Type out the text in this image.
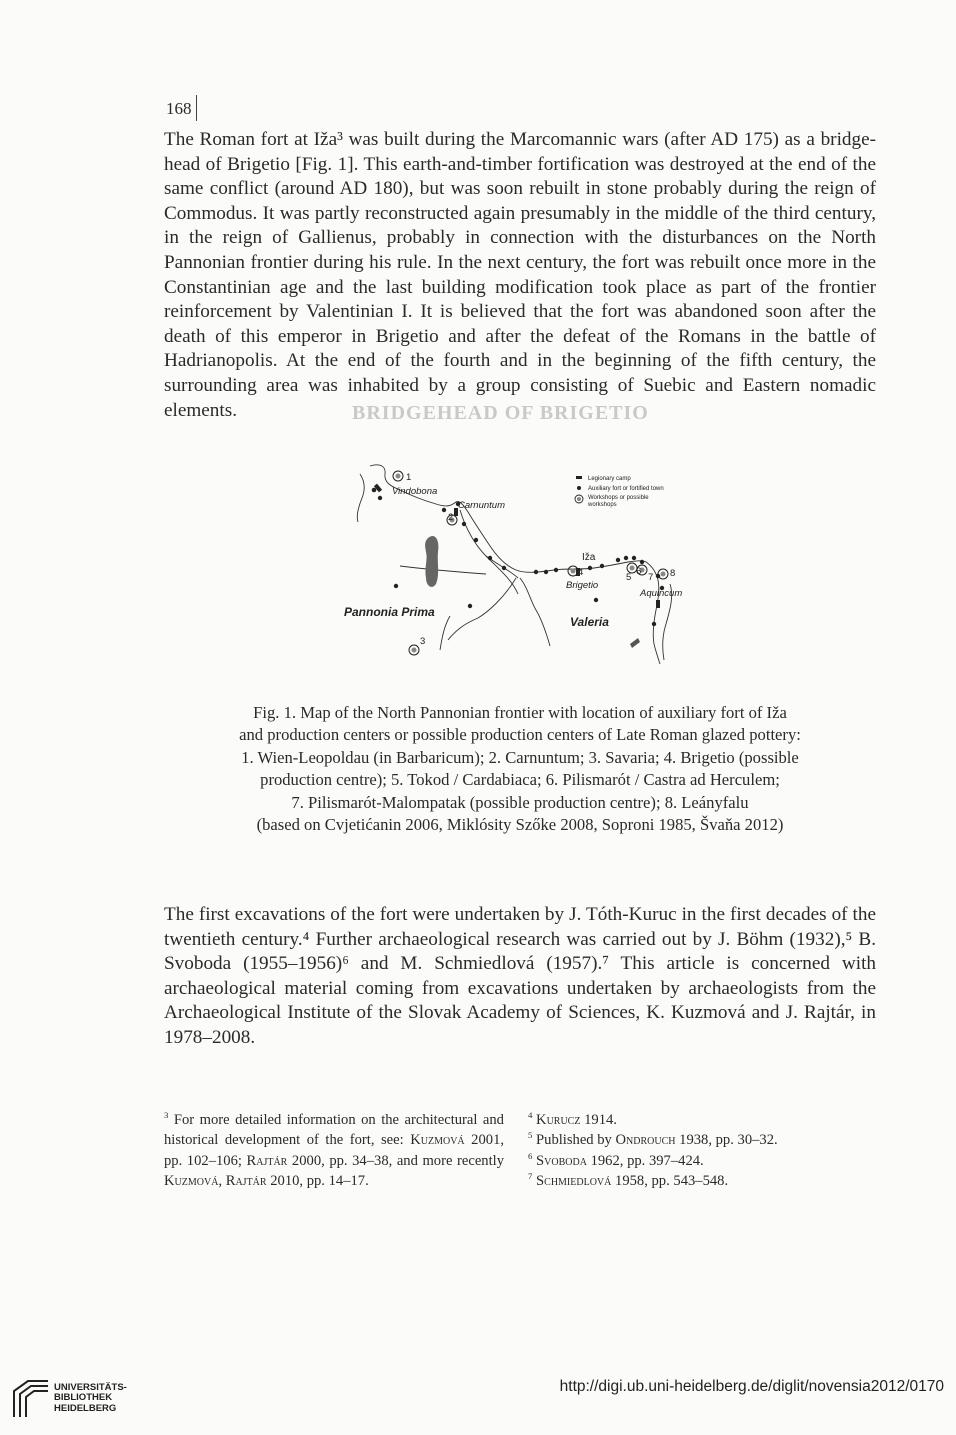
BRIDGEHEAD OF BRIGETIO
168
The Roman fort at Iža³ was built during the Marcomannic wars (after AD 175) as a bridge-head of Brigetio [Fig. 1]. This earth-and-timber fortification was destroyed at the end of the same conflict (around AD 180), but was soon rebuilt in stone probably during the reign of Commodus. It was partly reconstructed again presumably in the middle of the third century, in the reign of Gallienus, probably in connection with the disturbances on the North Pannonian frontier during his rule. In the next century, the fort was rebuilt once more in the Constantinian age and the last building modification took place as part of the frontier reinforcement by Valentinian I. It is believed that the fort was abandoned soon after the death of this emperor in Brigetio and after the defeat of the Romans in the battle of Hadrianopolis. At the end of the fourth and in the beginning of the fifth century, the surrounding area was inhabited by a group consisting of Suebic and Eastern nomadic elements.
Vindobona
Carnuntum
Iža
Brigetio
Aquincum
Pannonia Prima
Valeria
1
2
3
4	5
6
7 8
Legionary camp
Auxiliary fort or fortified town
Workshops or possible
workshops
Fig. 1. Map of the North Pannonian frontier with location of auxiliary fort of Iža
and production centers or possible production centers of Late Roman glazed pottery:
1. Wien-Leopoldau (in Barbaricum); 2. Carnuntum; 3. Savaria; 4. Brigetio (possible
production centre); 5. Tokod / Cardabiaca; 6. Pilismarót / Castra ad Herculem;
7. Pilismarót-Malompatak (possible production centre); 8. Leányfalu
(based on Cvjetićanin 2006, Miklósity Szőke 2008, Soproni 1985, Švaňa 2012)
The first excavations of the fort were undertaken by J. Tóth-Kuruc in the first decades of the twentieth century.⁴ Further archaeological research was carried out by J. Böhm (1932),⁵ B. Svoboda (1955–1956)⁶ and M. Schmiedlová (1957).⁷ This article is concerned with archaeological material coming from excavations undertaken by archaeologists from the Archaeological Institute of the Slovak Academy of Sciences, K. Kuzmová and J. Rajtár, in 1978–2008.
$^3$ For more detailed information on the architectural and historical development of the fort, see: Kuzmová 2001, pp. 102–106; Rajtár 2000, pp. 34–38, and more recently Kuzmová, Rajtár 2010, pp. 14–17.
$^4$ Kurucz 1914.
$^5$ Published by Ondrouch 1938, pp. 30–32.
$^6$ Svoboda 1962, pp. 397–424.
$^7$ Schmiedlová 1958, pp. 543–548.
UNIVERSITÄTS-
BIBLIOTHEK
HEIDELBERG
http://digi.ub.uni-heidelberg.de/diglit/novensia2012/0170
